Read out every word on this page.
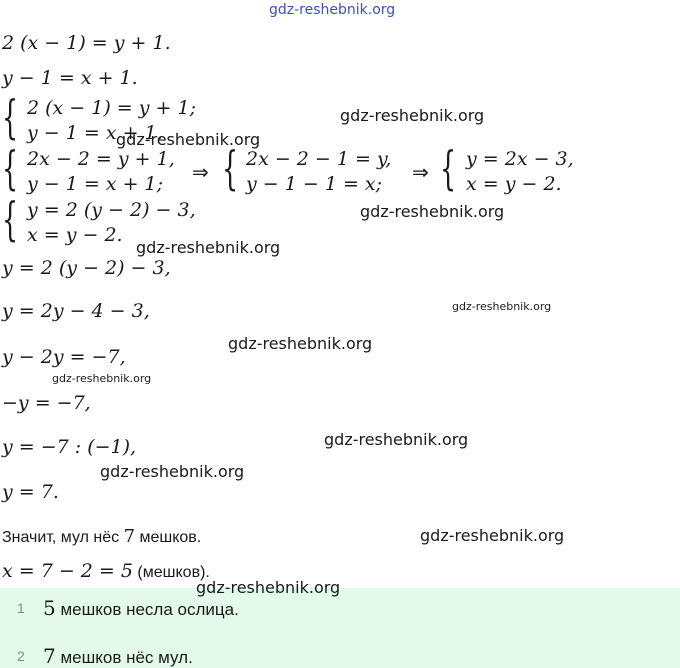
gdz-reshebnik.org
2 (x − 1) = y + 1.
y − 1 = x + 1.
{ 2 (x − 1) = y + 1;
y − 1 = x + 1.
{ 2x − 2 = y + 1,
y − 1 = x + 1; ⇒ { 2x − 2 − 1 = y,
y − 1 − 1 = x; ⇒ { y = 2x − 3,
x = y − 2.
{ y = 2 (y − 2) − 3,
x = y − 2.
y = 2 (y − 2) − 3,
y = 2y − 4 − 3,
y − 2y = −7,
−y = −7,
y = −7 : (−1),
y = 7.
Значит, мул нёс 7 мешков.
x = 7 − 2 = 5 (мешков).
1 5 мешков несла ослица.
2 7 мешков нёс мул.
gdz-reshebnik.org
gdz-reshebnik.org
gdz-reshebnik.org
gdz-reshebnik.org
gdz-reshebnik.org
gdz-reshebnik.org
gdz-reshebnik.org
gdz-reshebnik.org
gdz-reshebnik.org
gdz-reshebnik.org
gdz-reshebnik.org
